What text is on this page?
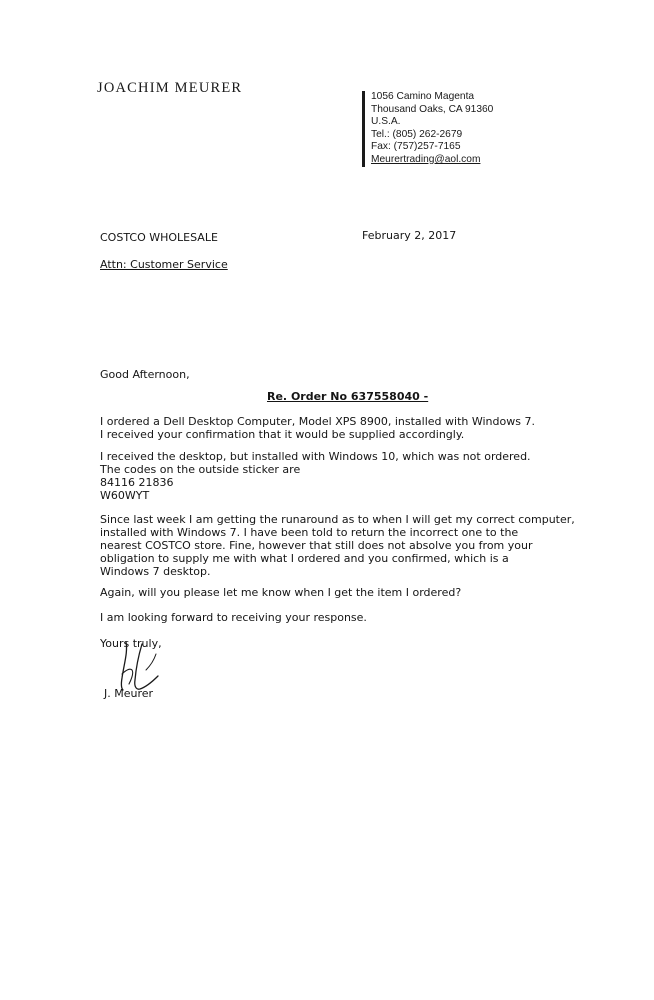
JOACHIM MEURER
1056 Camino Magenta
Thousand Oaks, CA 91360
U.S.A.
Tel.: (805) 262-2679
Fax: (757)257-7165
Meurertrading@aol.com
COSTCO WHOLESALE	February 2, 2017
Attn: Customer Service
Good Afternoon,
Re. Order No 637558040 -
I ordered a Dell Desktop Computer, Model XPS 8900, installed with Windows 7.
I received your confirmation that it would be supplied accordingly.
I received the desktop, but installed with Windows 10, which was not ordered.
The codes on the outside sticker are
84116 21836
W60WYT
Since last week I am getting the runaround as to when I will get my correct computer,
installed with Windows 7. I have been told to return the incorrect one to the
nearest COSTCO store. Fine, however that still does not absolve you from your
obligation to supply me with what I ordered and you confirmed, which is a
Windows 7 desktop.
Again, will you please let me know when I get the item I ordered?
I am looking forward to receiving your response.
Yours truly,
J. Meurer
